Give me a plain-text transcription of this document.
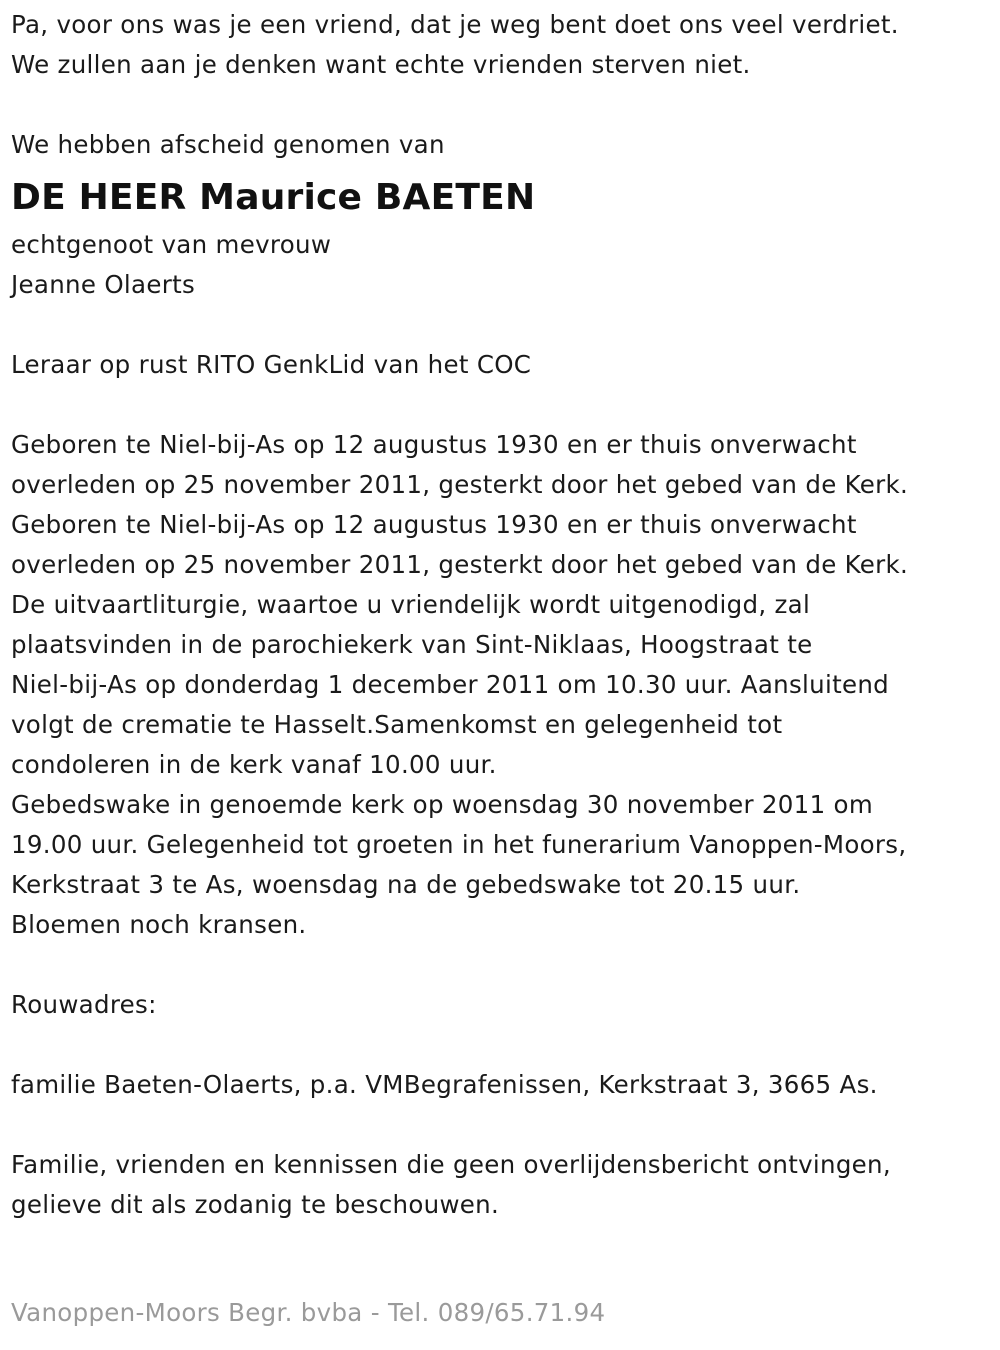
Pa, voor ons was je een vriend, dat je weg bent doet ons veel verdriet.
We zullen aan je denken want echte vrienden sterven niet.
We hebben afscheid genomen van
DE HEER Maurice BAETEN
echtgenoot van mevrouw
Jeanne Olaerts
Leraar op rust RITO GenkLid van het COC
Geboren te Niel-bij-As op 12 augustus 1930 en er thuis onverwacht
overleden op 25 november 2011, gesterkt door het gebed van de Kerk.
Geboren te Niel-bij-As op 12 augustus 1930 en er thuis onverwacht
overleden op 25 november 2011, gesterkt door het gebed van de Kerk.
De uitvaartliturgie, waartoe u vriendelijk wordt uitgenodigd, zal
plaatsvinden in de parochiekerk van Sint-Niklaas, Hoogstraat te
Niel-bij-As op donderdag 1 december 2011 om 10.30 uur. Aansluitend
volgt de crematie te Hasselt.Samenkomst en gelegenheid tot
condoleren in de kerk vanaf 10.00 uur.
Gebedswake in genoemde kerk op woensdag 30 november 2011 om
19.00 uur. Gelegenheid tot groeten in het funerarium Vanoppen-Moors,
Kerkstraat 3 te As, woensdag na de gebedswake tot 20.15 uur.
Bloemen noch kransen.
Rouwadres:
familie Baeten-Olaerts, p.a. VMBegrafenissen, Kerkstraat 3, 3665 As.
Familie, vrienden en kennissen die geen overlijdensbericht ontvingen,
gelieve dit als zodanig te beschouwen.
Vanoppen-Moors Begr. bvba - Tel. 089/65.71.94
